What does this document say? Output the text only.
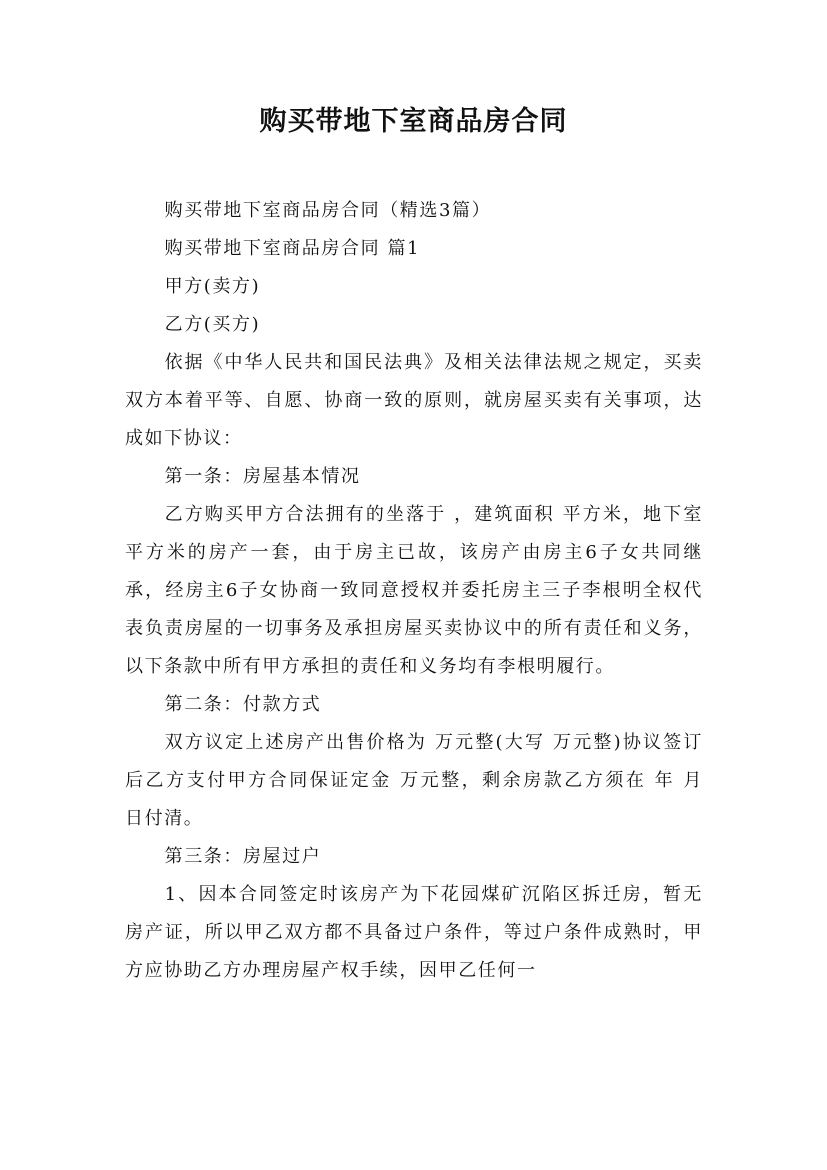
购买带地下室商品房合同

购买带地下室商品房合同（精选3篇）

购买带地下室商品房合同 篇1

甲方(卖方)

乙方(买方)

依据《中华人民共和国民法典》及相关法律法规之规定，买卖双方本着平等、自愿、协商一致的原则，就房屋买卖有关事项，达成如下协议：

第一条：房屋基本情况

乙方购买甲方合法拥有的坐落于 ，建筑面积 平方米，地下室 平方米的房产一套，由于房主已故，该房产由房主6子女共同继承，经房主6子女协商一致同意授权并委托房主三子李根明全权代表负责房屋的一切事务及承担房屋买卖协议中的所有责任和义务，以下条款中所有甲方承担的责任和义务均有李根明履行。

第二条：付款方式

双方议定上述房产出售价格为 万元整(大写 万元整)协议签订后乙方支付甲方合同保证定金 万元整，剩余房款乙方须在 年 月 日付清。

第三条：房屋过户

1、因本合同签定时该房产为下花园煤矿沉陷区拆迁房，暂无房产证，所以甲乙双方都不具备过户条件，等过户条件成熟时，甲方应协助乙方办理房屋产权手续，因甲乙任何一
